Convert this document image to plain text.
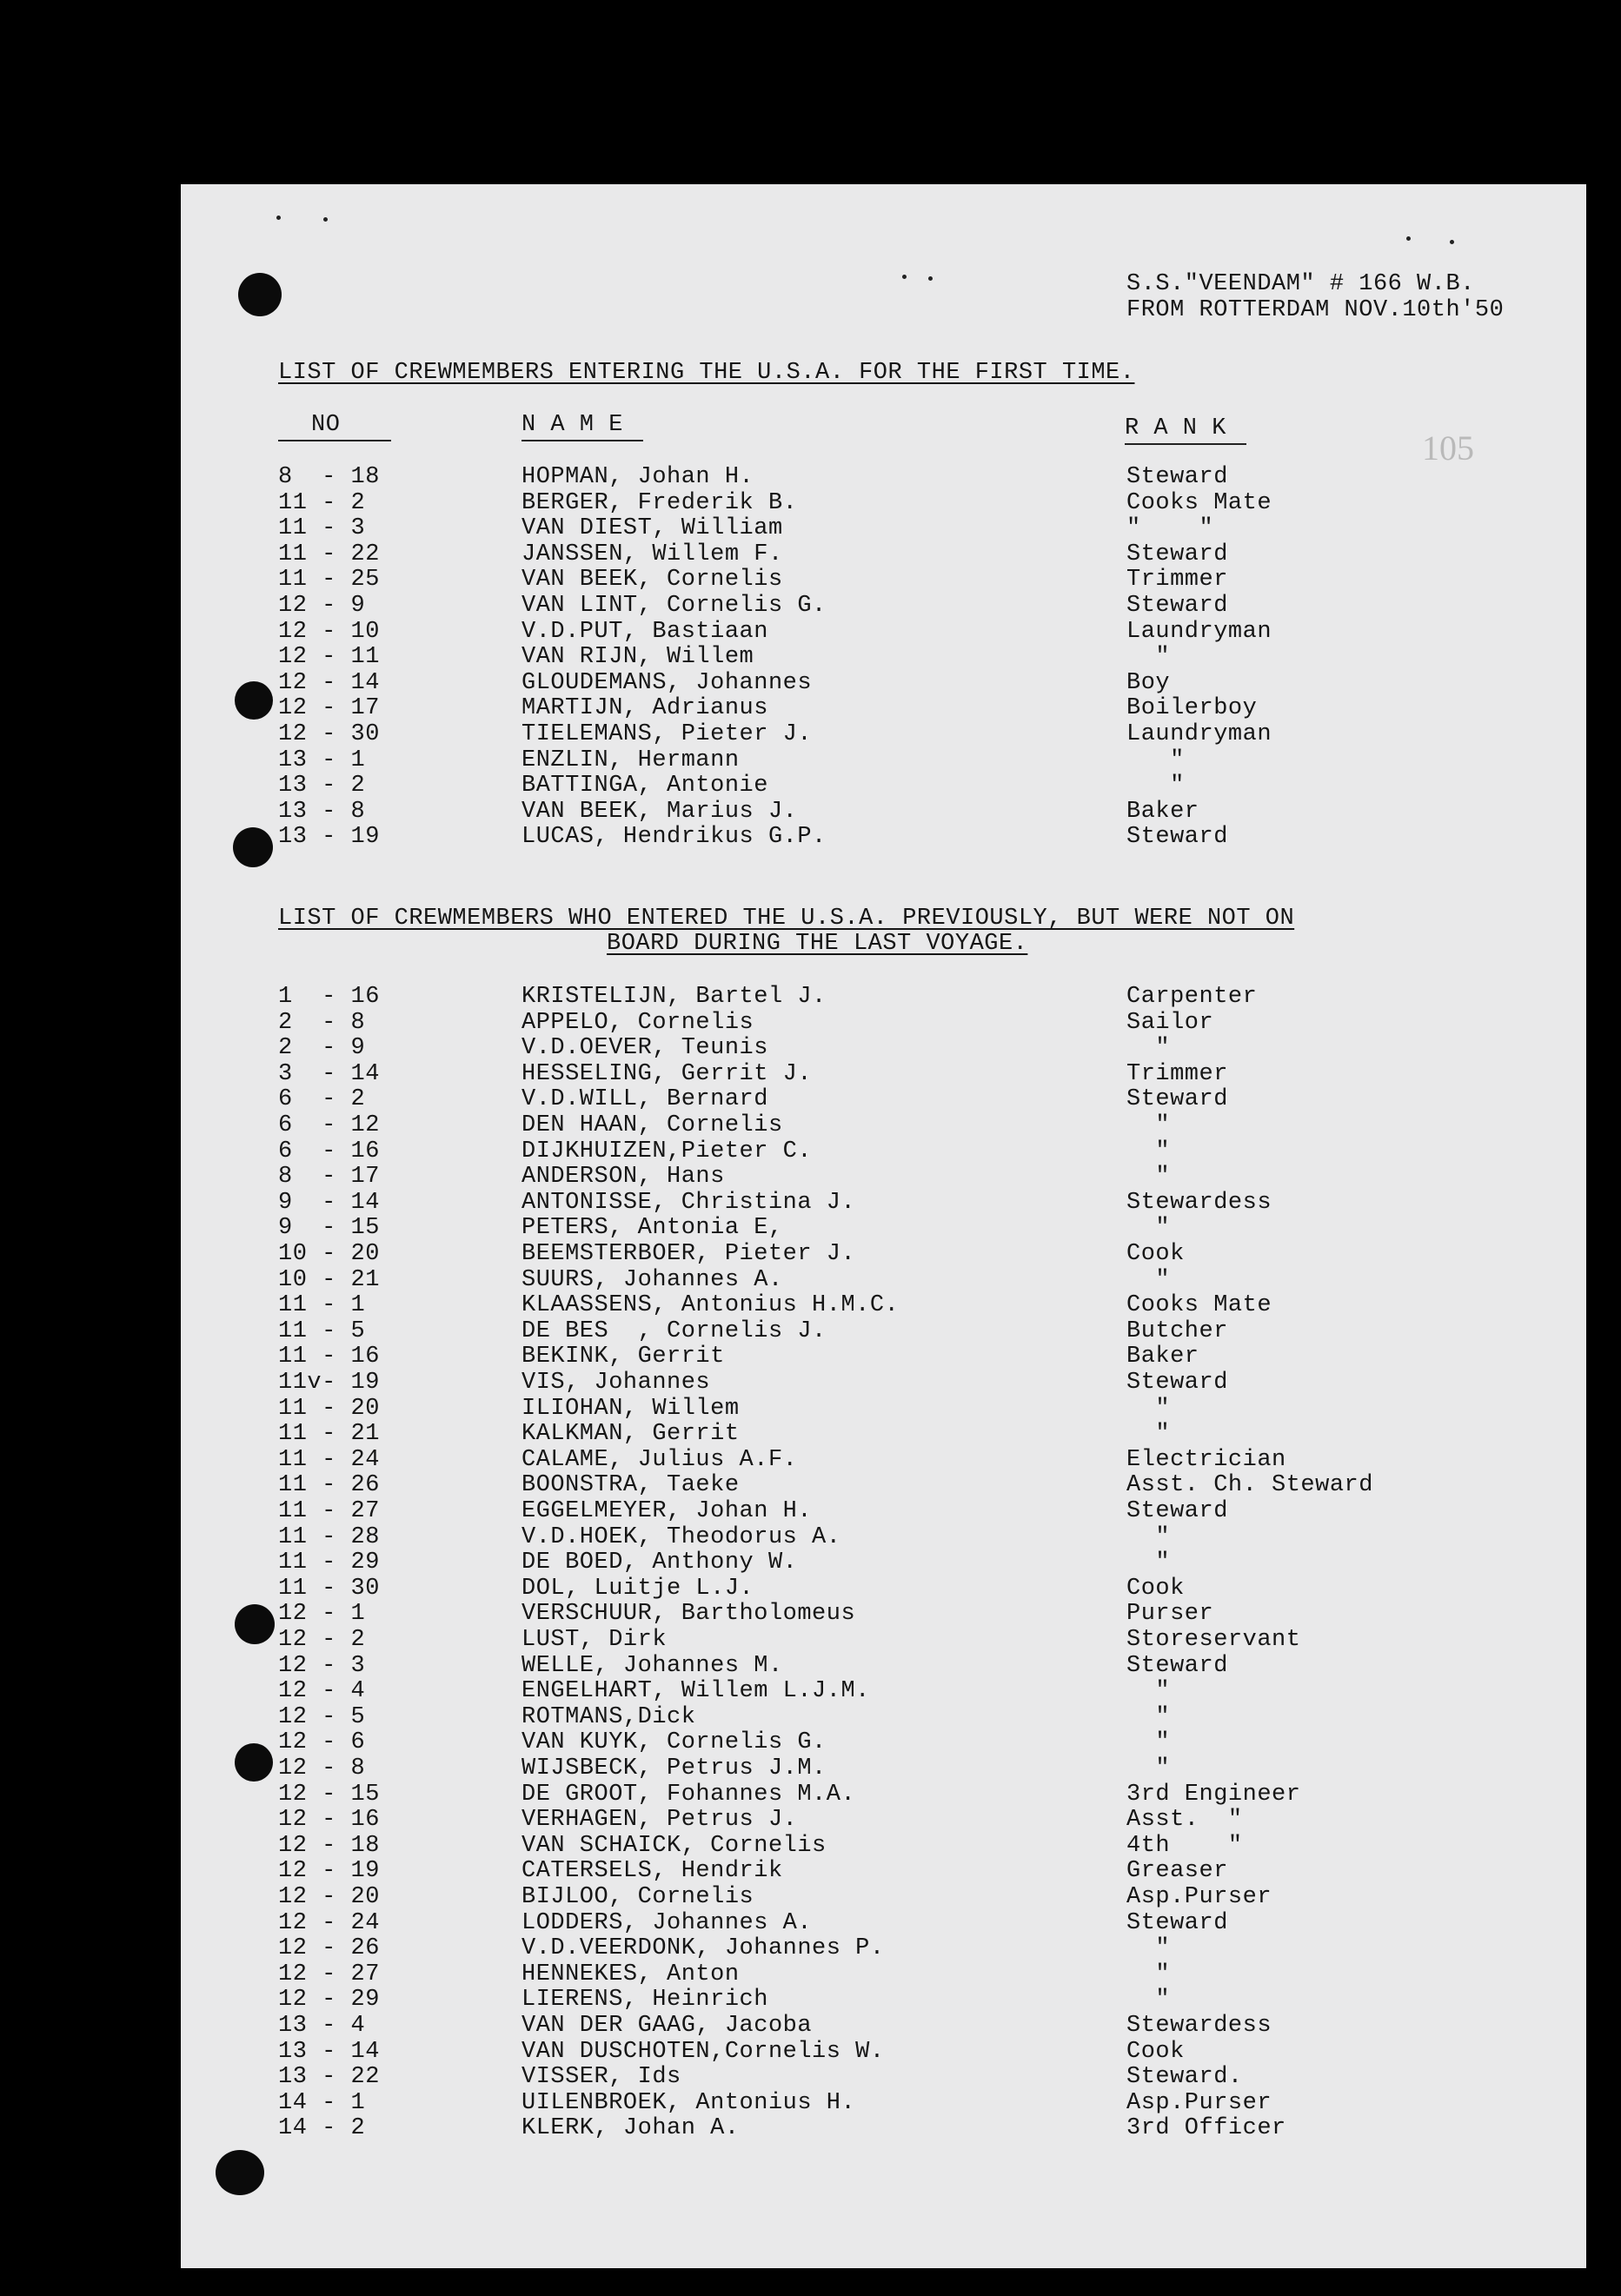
S.S."VEENDAM" # 166 W.B.
FROM ROTTERDAM NOV.10th'50
105
LIST OF CREWMEMBERS ENTERING THE U.S.A. FOR THE FIRST TIME.
NO	N A M E	R A N K
8  - 18	HOPMAN, Johan H.	Steward
11 - 2	BERGER, Frederik B.	Cooks Mate
11 - 3	VAN DIEST, William	"    "
11 - 22	JANSSEN, Willem F.	Steward
11 - 25	VAN BEEK, Cornelis	Trimmer
12 - 9	VAN LINT, Cornelis G.	Steward
12 - 10	V.D.PUT, Bastiaan	Laundryman
12 - 11	VAN RIJN, Willem	"
12 - 14	GLOUDEMANS, Johannes	Boy
12 - 17	MARTIJN, Adrianus	Boilerboy
12 - 30	TIELEMANS, Pieter J.	Laundryman
13 - 1	ENZLIN, Hermann	"
13 - 2	BATTINGA, Antonie	"
13 - 8	VAN BEEK, Marius J.	Baker
13 - 19	LUCAS, Hendrikus G.P.	Steward
LIST OF CREWMEMBERS WHO ENTERED THE U.S.A. PREVIOUSLY, BUT WERE NOT ON
BOARD DURING THE LAST VOYAGE.
1  - 16	KRISTELIJN, Bartel J.	Carpenter
2  - 8	APPELO, Cornelis	Sailor
2  - 9	V.D.OEVER, Teunis	"
3  - 14	HESSELING, Gerrit J.	Trimmer
6  - 2	V.D.WILL, Bernard	Steward
6  - 12	DEN HAAN, Cornelis	"
6  - 16	DIJKHUIZEN,Pieter C.	"
8  - 17	ANDERSON, Hans	"
9  - 14	ANTONISSE, Christina J.	Stewardess
9  - 15	PETERS, Antonia E,	"
10 - 20	BEEMSTERBOER, Pieter J.	Cook
10 - 21	SUURS, Johannes A.	"
11 - 1	KLAASSENS, Antonius H.M.C.	Cooks Mate
11 - 5	DE BES  , Cornelis J.	Butcher
11 - 16	BEKINK, Gerrit	Baker
11v- 19	VIS, Johannes	Steward
11 - 20	ILIOHAN, Willem	"
11 - 21	KALKMAN, Gerrit	"
11 - 24	CALAME, Julius A.F.	Electrician
11 - 26	BOONSTRA, Taeke	Asst. Ch. Steward
11 - 27	EGGELMEYER, Johan H.	Steward
11 - 28	V.D.HOEK, Theodorus A.	"
11 - 29	DE BOED, Anthony W.	"
11 - 30	DOL, Luitje L.J.	Cook
12 - 1	VERSCHUUR, Bartholomeus	Purser
12 - 2	LUST, Dirk	Storeservant
12 - 3	WELLE, Johannes M.	Steward
12 - 4	ENGELHART, Willem L.J.M.	"
12 - 5	ROTMANS,Dick	"
12 - 6	VAN KUYK, Cornelis G.	"
12 - 8	WIJSBECK, Petrus J.M.	"
12 - 15	DE GROOT, Fohannes M.A.	3rd Engineer
12 - 16	VERHAGEN, Petrus J.	Asst.  "
12 - 18	VAN SCHAICK, Cornelis	4th    "
12 - 19	CATERSELS, Hendrik	Greaser
12 - 20	BIJLOO, Cornelis	Asp.Purser
12 - 24	LODDERS, Johannes A.	Steward
12 - 26	V.D.VEERDONK, Johannes P.	"
12 - 27	HENNEKES, Anton	"
12 - 29	LIERENS, Heinrich	"
13 - 4	VAN DER GAAG, Jacoba	Stewardess
13 - 14	VAN DUSCHOTEN,Cornelis W.	Cook
13 - 22	VISSER, Ids	Steward.
14 - 1	UILENBROEK, Antonius H.	Asp.Purser
14 - 2	KLERK, Johan A.	3rd Officer
